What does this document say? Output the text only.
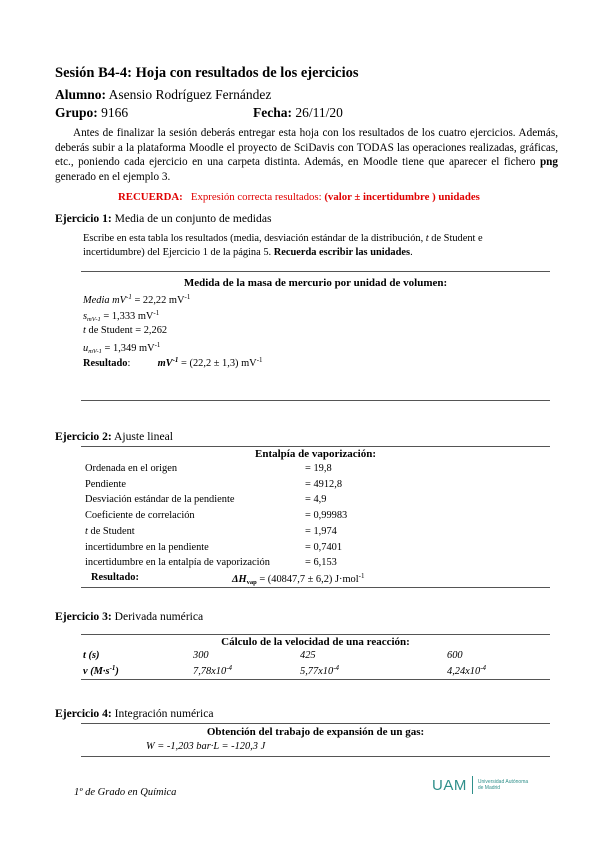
Sesión B4-4: Hoja con resultados de los ejercicios
Alumno: Asensio Rodríguez Fernández
Grupo: 9166	Fecha: 26/11/20
Antes de finalizar la sesión deberás entregar esta hoja con los resultados de los cuatro ejercicios. Además, deberás subir a la plataforma Moodle el proyecto de SciDavis con TODAS las operaciones realizadas, gráficas, etc., poniendo cada ejercicio en una carpeta distinta. Además, en Moodle tiene que aparecer el fichero png generado en el ejemplo 3.
RECUERDA: Expresión correcta resultados: (valor ± incertidumbre ) unidades
Ejercicio 1: Media de un conjunto de medidas
Escribe en esta tabla los resultados (media, desviación estándar de la distribución, t de Student e incertidumbre) del Ejercicio 1 de la página 5. Recuerda escribir las unidades.
Medida de la masa de mercurio por unidad de volumen:
Media $mV^{-1} = 22,22$ $mV^{-1}$
$s_{mV-1} = 1,333$ $mV^{-1}$
t de Student = 2,262
$u_{mV-1} = 1,349$ $mV^{-1}$
Resultado:	$mV^{-1} = (22,2 \pm 1,3)$ $mV^{-1}$
Ejercicio 2: Ajuste lineal
Entalpía de vaporización:
Ordenada en el origen	= 19,8
Pendiente	= 4912,8
Desviación estándar de la pendiente	= 4,9
Coeficiente de correlación	= 0,99983
t de Student	= 1,974
incertidumbre en la pendiente	= 0,7401
incertidumbre en la entalpía de vaporización	= 6,153
Resultado:	$\Delta H_{vap} = (40847,7 \pm 6,2)$ J·mol$^{-1}$
Ejercicio 3: Derivada numérica
Cálculo de la velocidad de una reacción:
t (s)	300	425	600
v $(M\cdot s^{-1})$	$7,78x10^{-4}$	$5,77x10^{-4}$	$4,24x10^{-4}$
Ejercicio 4: Integración numérica
Obtención del trabajo de expansión de un gas:
W = -1,203 bar·L = -120,3 J
1º de Grado en Química	UAM Universidad Autónoma
de Madrid
